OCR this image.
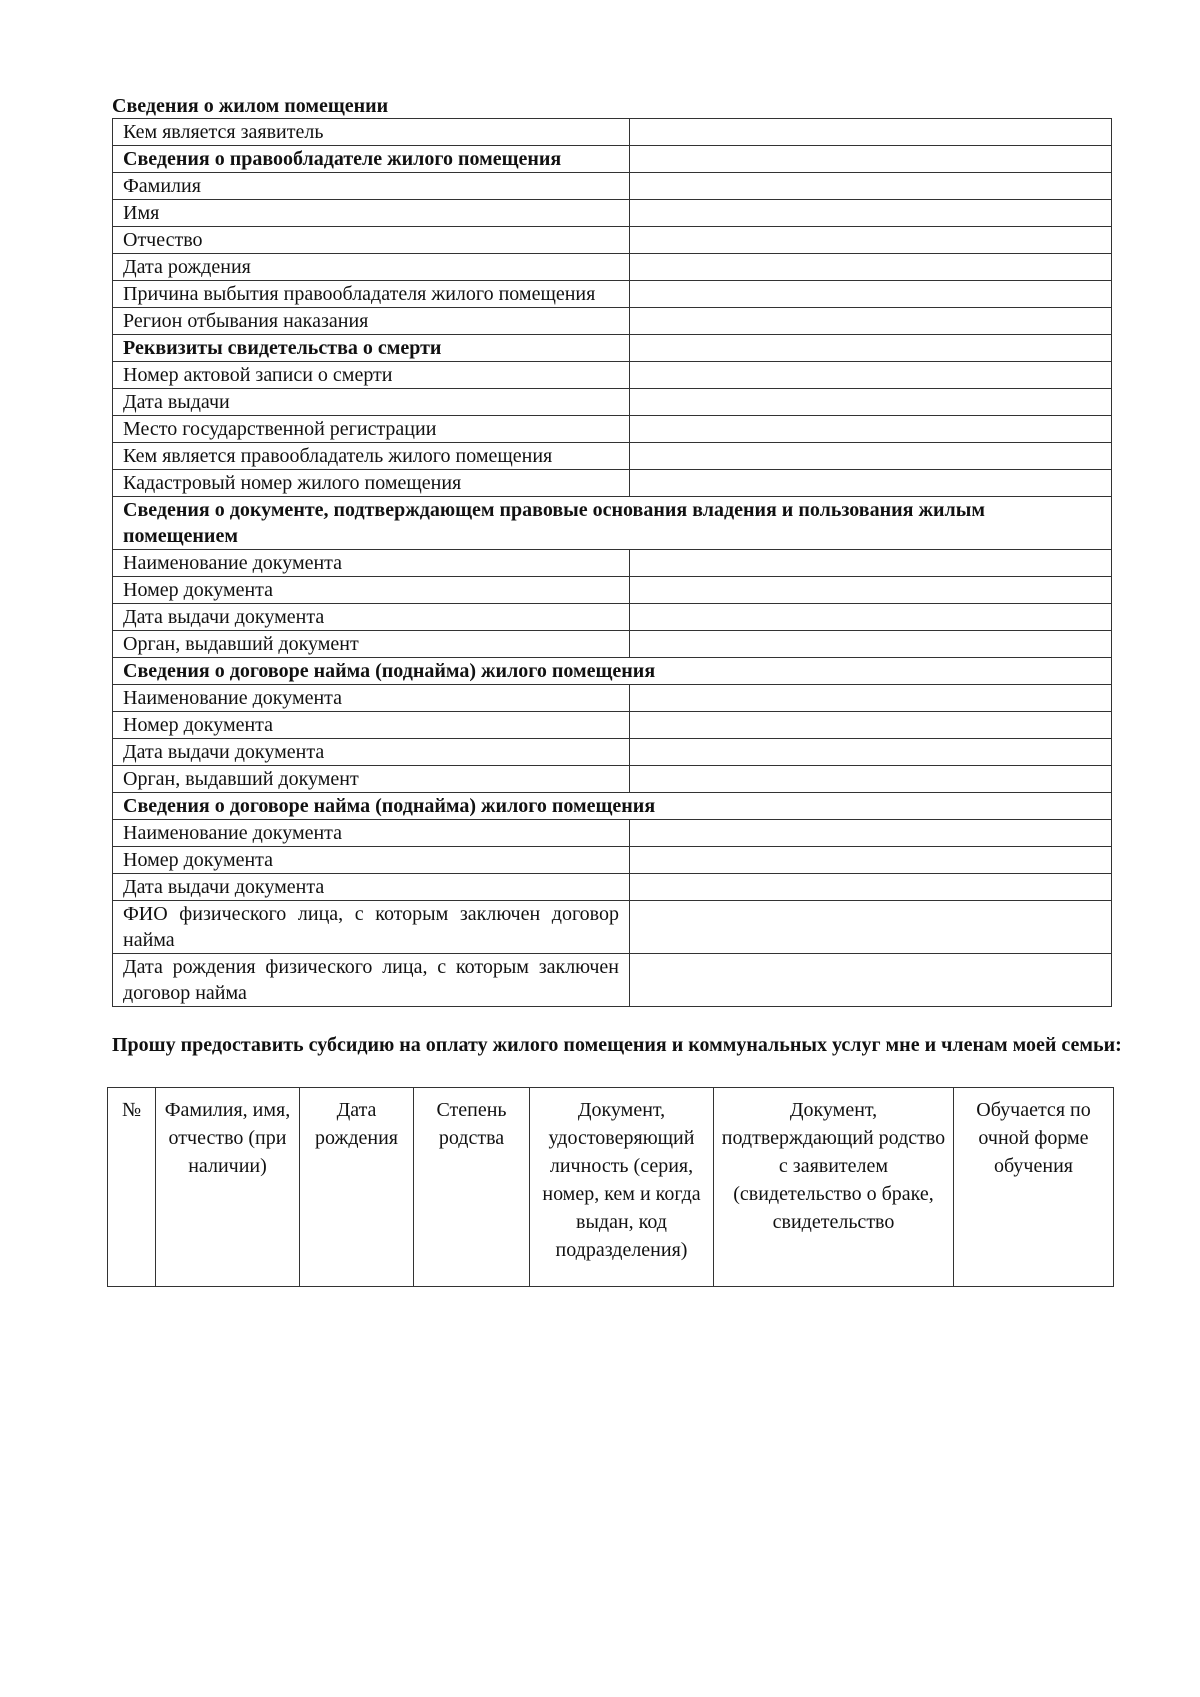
Сведения о жилом помещении
Кем является заявитель	
Сведения о правообладателе жилого помещения	
Фамилия	
Имя	
Отчество	
Дата рождения	
Причина выбытия правообладателя жилого помещения	
Регион отбывания наказания	
Реквизиты свидетельства о смерти	
Номер актовой записи о смерти	
Дата выдачи	
Место государственной регистрации	
Кем является правообладатель жилого помещения	
Кадастровый номер жилого помещения	
Сведения о документе, подтверждающем правовые основания владения и пользования жилым помещением	
Наименование документа	
Номер документа	
Дата выдачи документа	
Орган, выдавший документ	
Сведения о договоре найма (поднайма) жилого помещения	
Наименование документа	
Номер документа	
Дата выдачи документа	
Орган, выдавший документ	
Сведения о договоре найма (поднайма) жилого помещения	
Наименование документа	
Номер документа	
Дата выдачи документа	
ФИО физического лица, с которым заключен договор найма	
Дата рождения физического лица, с которым заключен договор найма	
Прошу предоставить субсидию на оплату жилого помещения и коммунальных услуг мне и членам моей семьи:
№	Фамилия, имя, отчество (при наличии)	Дата рождения	Степень родства	Документ, удостоверяющий личность (серия, номер, кем и когда выдан, код подразделения)	Документ, подтверждающий родство с заявителем (свидетельство о браке, свидетельство	Обучается по очной форме обучения
